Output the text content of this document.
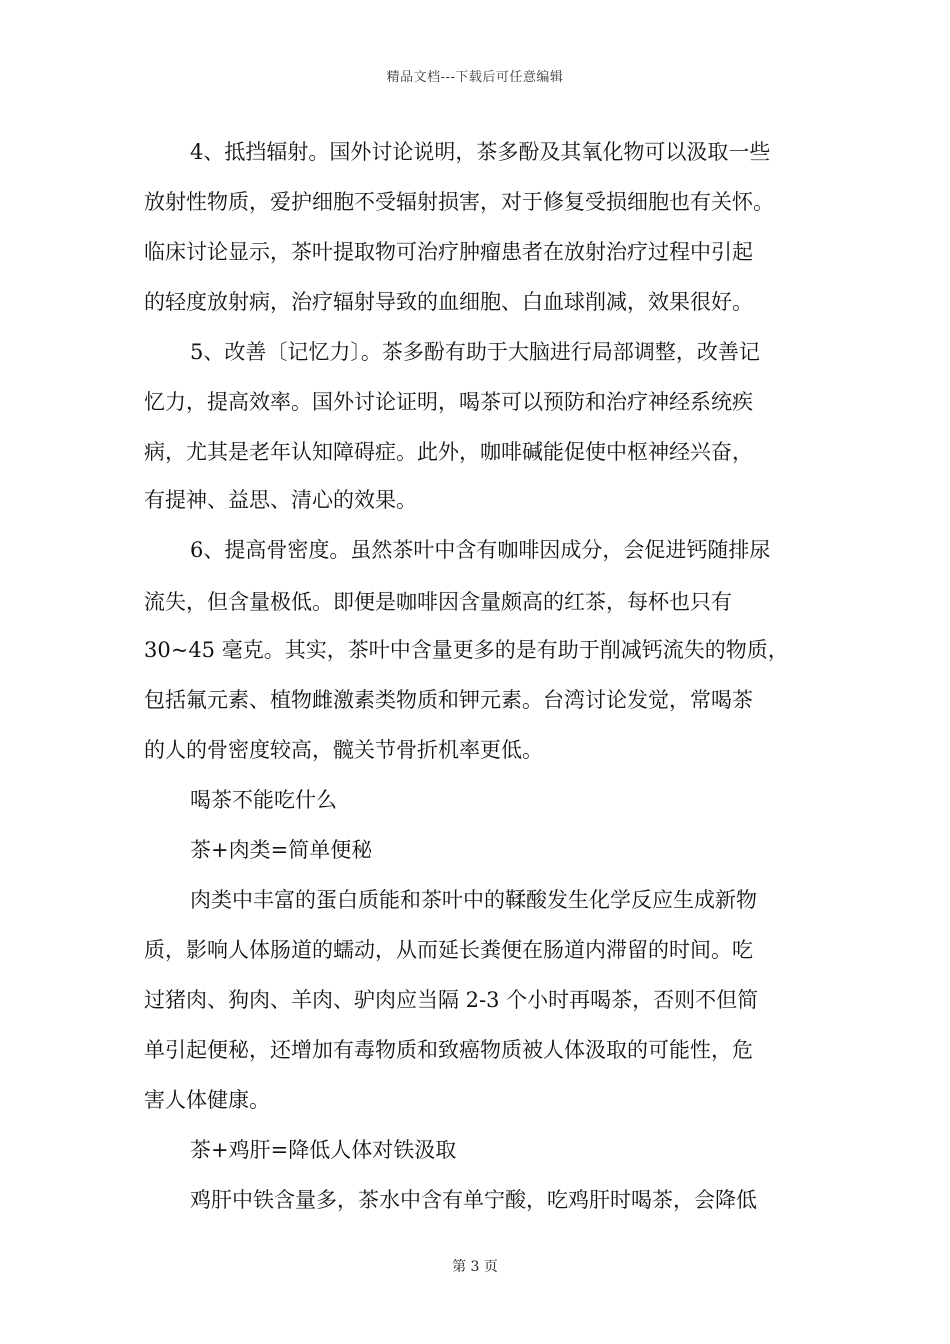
精品文档---下载后可任意编辑
4、抵挡辐射。国外讨论说明，茶多酚及其氧化物可以汲取一些
放射性物质，爱护细胞不受辐射损害，对于修复受损细胞也有关怀。
临床讨论显示，茶叶提取物可治疗肿瘤患者在放射治疗过程中引起
的轻度放射病，治疗辐射导致的血细胞、白血球削减，效果很好。
5、改善〔记忆力〕。茶多酚有助于大脑进行局部调整，改善记
忆力，提高效率。国外讨论证明，喝茶可以预防和治疗神经系统疾
病，尤其是老年认知障碍症。此外，咖啡碱能促使中枢神经兴奋，
有提神、益思、清心的效果。
6、提高骨密度。虽然茶叶中含有咖啡因成分，会促进钙随排尿
流失，但含量极低。即便是咖啡因含量颇高的红茶，每杯也只有
30~45 毫克。其实，茶叶中含量更多的是有助于削减钙流失的物质，
包括氟元素、植物雌激素类物质和钾元素。台湾讨论发觉，常喝茶
的人的骨密度较高，髋关节骨折机率更低。
喝茶不能吃什么
茶+肉类=简单便秘
肉类中丰富的蛋白质能和茶叶中的鞣酸发生化学反应生成新物
质，影响人体肠道的蠕动，从而延长粪便在肠道内滞留的时间。吃
过猪肉、狗肉、羊肉、驴肉应当隔 2-3 个小时再喝茶，否则不但简
单引起便秘，还增加有毒物质和致癌物质被人体汲取的可能性，危
害人体健康。
茶+鸡肝=降低人体对铁汲取
鸡肝中铁含量多，茶水中含有单宁酸，吃鸡肝时喝茶，会降低
第 3 页
